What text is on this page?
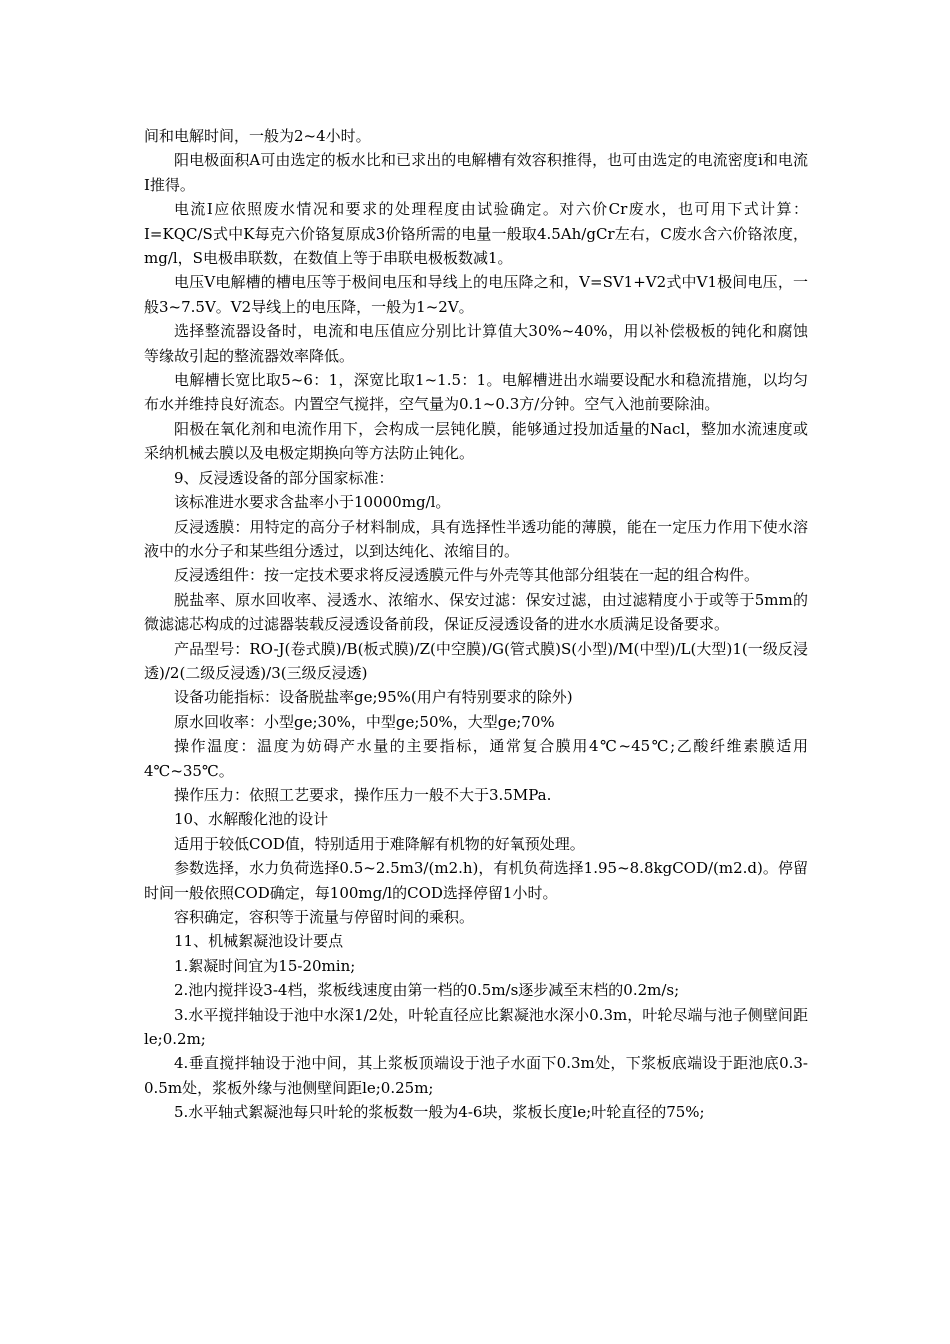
间和电解时间，一般为2~4小时。

阳电极面积A可由选定的板水比和已求出的电解槽有效容积推得，也可由选定的电流密度i和电流I推得。

电流I应依照废水情况和要求的处理程度由试验确定。对六价Cr废水，也可用下式计算：I=KQC/S式中K每克六价铬复原成3价铬所需的电量一般取4.5Ah/gCr左右，C废水含六价铬浓度，mg/l，S电极串联数，在数值上等于串联电极板数减1。

电压V电解槽的槽电压等于极间电压和导线上的电压降之和，V=SV1+V2式中V1极间电压，一般3~7.5V。V2导线上的电压降，一般为1~2V。

选择整流器设备时，电流和电压值应分别比计算值大30%~40%，用以补偿极板的钝化和腐蚀等缘故引起的整流器效率降低。

电解槽长宽比取5~6：1，深宽比取1~1.5：1。电解槽进出水端要设配水和稳流措施，以均匀布水并维持良好流态。内置空气搅拌，空气量为0.1~0.3方/分钟。空气入池前要除油。

阳极在氧化剂和电流作用下，会构成一层钝化膜，能够通过投加适量的Nacl，整加水流速度或采纳机械去膜以及电极定期换向等方法防止钝化。

9、反浸透设备的部分国家标准：

该标准进水要求含盐率小于10000mg/l。

反浸透膜：用特定的高分子材料制成，具有选择性半透功能的薄膜，能在一定压力作用下使水溶液中的水分子和某些组分透过，以到达纯化、浓缩目的。

反浸透组件：按一定技术要求将反浸透膜元件与外壳等其他部分组装在一起的组合构件。

脱盐率、原水回收率、浸透水、浓缩水、保安过滤：保安过滤，由过滤精度小于或等于5mm的微滤滤芯构成的过滤器装载反浸透设备前段，保证反浸透设备的进水水质满足设备要求。

产品型号：RO-J(卷式膜)/B(板式膜)/Z(中空膜)/G(管式膜)S(小型)/M(中型)/L(大型)1(一级反浸透)/2(二级反浸透)/3(三级反浸透)

设备功能指标：设备脱盐率ge;95%(用户有特别要求的除外)

原水回收率：小型ge;30%，中型ge;50%，大型ge;70%

操作温度：温度为妨碍产水量的主要指标，通常复合膜用4℃~45℃;乙酸纤维素膜适用4℃~35℃。

操作压力：依照工艺要求，操作压力一般不大于3.5MPa.

10、水解酸化池的设计

适用于较低COD值，特别适用于难降解有机物的好氧预处理。

参数选择，水力负荷选择0.5~2.5m3/(m2.h)，有机负荷选择1.95~8.8kgCOD/(m2.d)。停留时间一般依照COD确定，每100mg/l的COD选择停留1小时。

容积确定，容积等于流量与停留时间的乘积。

11、机械絮凝池设计要点

1.絮凝时间宜为15-20min;

2.池内搅拌设3-4档，浆板线速度由第一档的0.5m/s逐步减至末档的0.2m/s;

3.水平搅拌轴设于池中水深1/2处，叶轮直径应比絮凝池水深小0.3m，叶轮尽端与池子侧壁间距le;0.2m;

4.垂直搅拌轴设于池中间，其上浆板顶端设于池子水面下0.3m处，下浆板底端设于距池底0.3-0.5m处，浆板外缘与池侧壁间距le;0.25m;

5.水平轴式絮凝池每只叶轮的浆板数一般为4-6块，浆板长度le;叶轮直径的75%;
